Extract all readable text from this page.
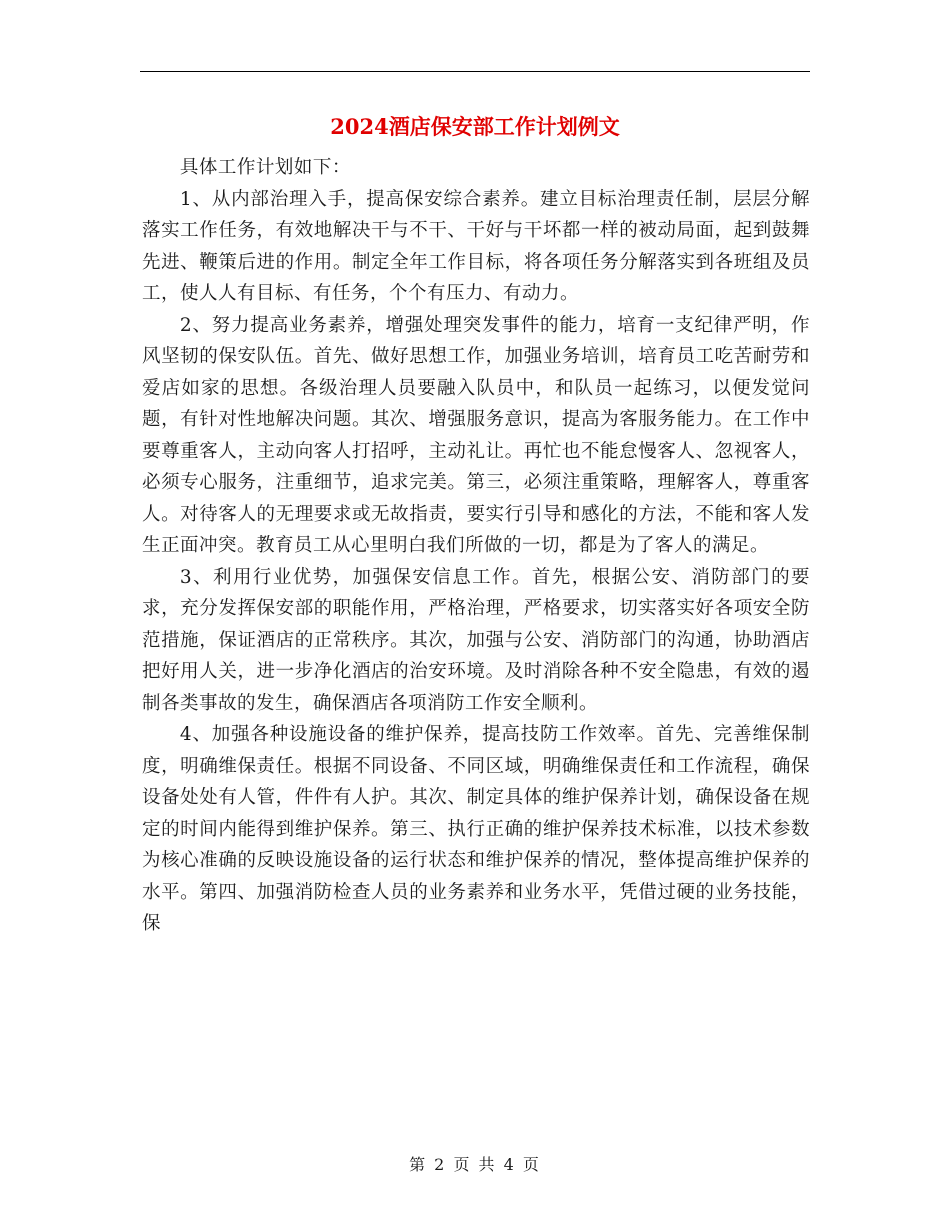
2024酒店保安部工作计划例文

具体工作计划如下：

1、从内部治理入手，提高保安综合素养。建立目标治理责任制，层层分解落实工作任务，有效地解决干与不干、干好与干坏都一样的被动局面，起到鼓舞先进、鞭策后进的作用。制定全年工作目标，将各项任务分解落实到各班组及员工，使人人有目标、有任务，个个有压力、有动力。

2、努力提高业务素养，增强处理突发事件的能力，培育一支纪律严明，作风坚韧的保安队伍。首先、做好思想工作，加强业务培训，培育员工吃苦耐劳和爱店如家的思想。各级治理人员要融入队员中，和队员一起练习，以便发觉问题，有针对性地解决问题。其次、增强服务意识，提高为客服务能力。在工作中要尊重客人，主动向客人打招呼，主动礼让。再忙也不能怠慢客人、忽视客人，必须专心服务，注重细节，追求完美。第三，必须注重策略，理解客人，尊重客人。对待客人的无理要求或无故指责，要实行引导和感化的方法，不能和客人发生正面冲突。教育员工从心里明白我们所做的一切，都是为了客人的满足。

3、利用行业优势，加强保安信息工作。首先，根据公安、消防部门的要求，充分发挥保安部的职能作用，严格治理，严格要求，切实落实好各项安全防范措施，保证酒店的正常秩序。其次，加强与公安、消防部门的沟通，协助酒店把好用人关，进一步净化酒店的治安环境。及时消除各种不安全隐患，有效的遏制各类事故的发生，确保酒店各项消防工作安全顺利。

4、加强各种设施设备的维护保养，提高技防工作效率。首先、完善维保制度，明确维保责任。根据不同设备、不同区域，明确维保责任和工作流程，确保设备处处有人管，件件有人护。其次、制定具体的维护保养计划，确保设备在规定的时间内能得到维护保养。第三、执行正确的维护保养技术标准，以技术参数为核心准确的反映设施设备的运行状态和维护保养的情况，整体提高维护保养的水平。第四、加强消防检查人员的业务素养和业务水平，凭借过硬的业务技能，保

第 2 页 共 4 页
